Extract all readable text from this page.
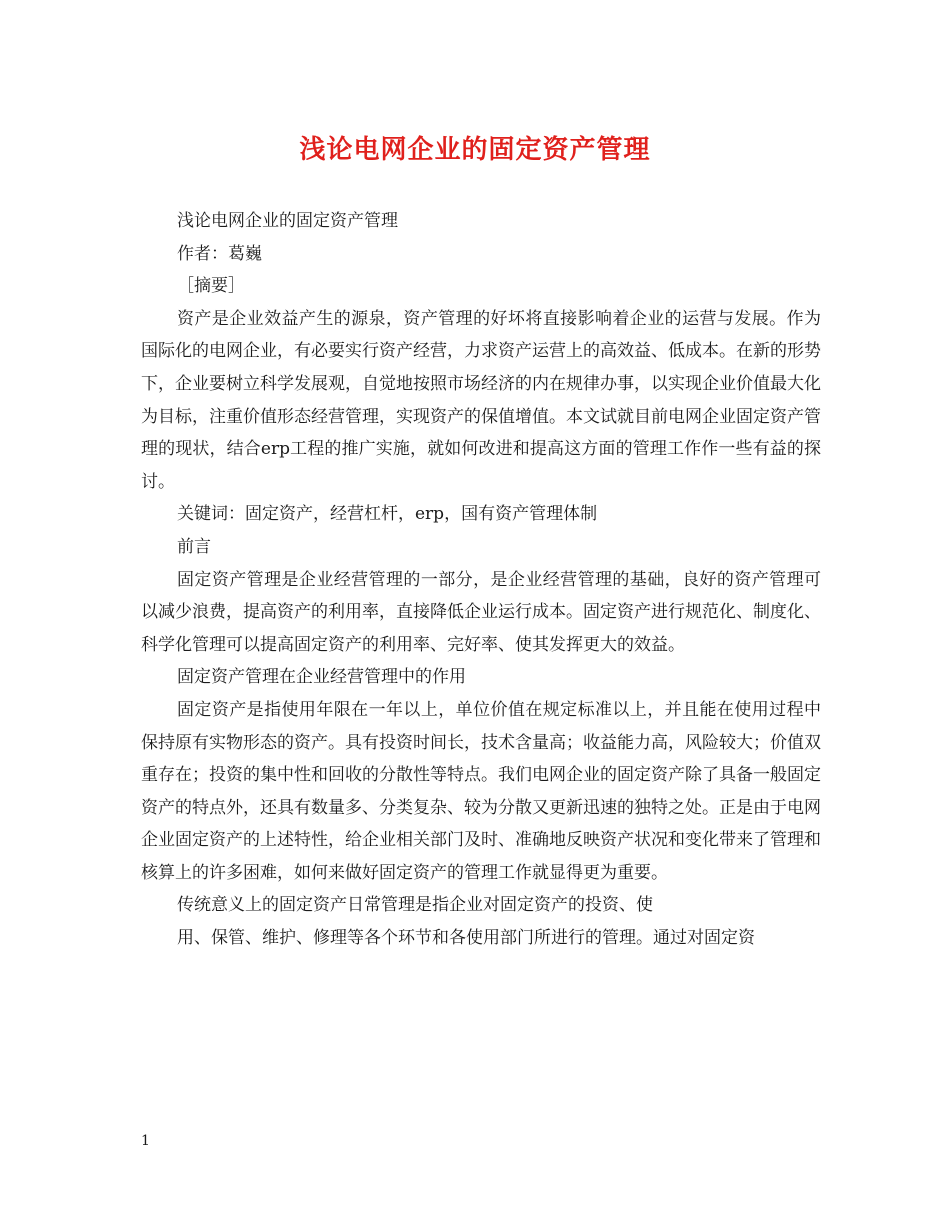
浅论电网企业的固定资产管理

浅论电网企业的固定资产管理

作者：葛巍

［摘要］

资产是企业效益产生的源泉，资产管理的好坏将直接影响着企业的运营与发展。作为国际化的电网企业，有必要实行资产经营，力求资产运营上的高效益、低成本。在新的形势下，企业要树立科学发展观，自觉地按照市场经济的内在规律办事，以实现企业价值最大化为目标，注重价值形态经营管理，实现资产的保值增值。本文试就目前电网企业固定资产管理的现状，结合erp工程的推广实施，就如何改进和提高这方面的管理工作作一些有益的探讨。

关键词：固定资产，经营杠杆，erp，国有资产管理体制

前言

固定资产管理是企业经营管理的一部分，是企业经营管理的基础，良好的资产管理可以减少浪费，提高资产的利用率，直接降低企业运行成本。固定资产进行规范化、制度化、科学化管理可以提高固定资产的利用率、完好率、使其发挥更大的效益。

固定资产管理在企业经营管理中的作用

固定资产是指使用年限在一年以上，单位价值在规定标准以上，并且能在使用过程中保持原有实物形态的资产。具有投资时间长，技术含量高；收益能力高，风险较大；价值双重存在；投资的集中性和回收的分散性等特点。我们电网企业的固定资产除了具备一般固定资产的特点外，还具有数量多、分类复杂、较为分散又更新迅速的独特之处。正是由于电网企业固定资产的上述特性，给企业相关部门及时、准确地反映资产状况和变化带来了管理和核算上的许多困难，如何来做好固定资产的管理工作就显得更为重要。

传统意义上的固定资产日常管理是指企业对固定资产的投资、使

用、保管、维护、修理等各个环节和各使用部门所进行的管理。通过对固定资

1
